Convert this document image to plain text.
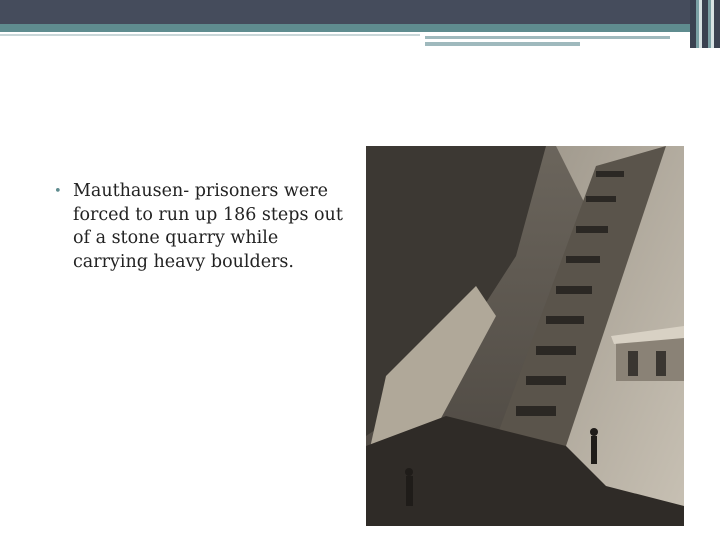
• Mauthausen- prisoners were forced to run up 186 steps out of a stone quarry while carrying heavy boulders.
